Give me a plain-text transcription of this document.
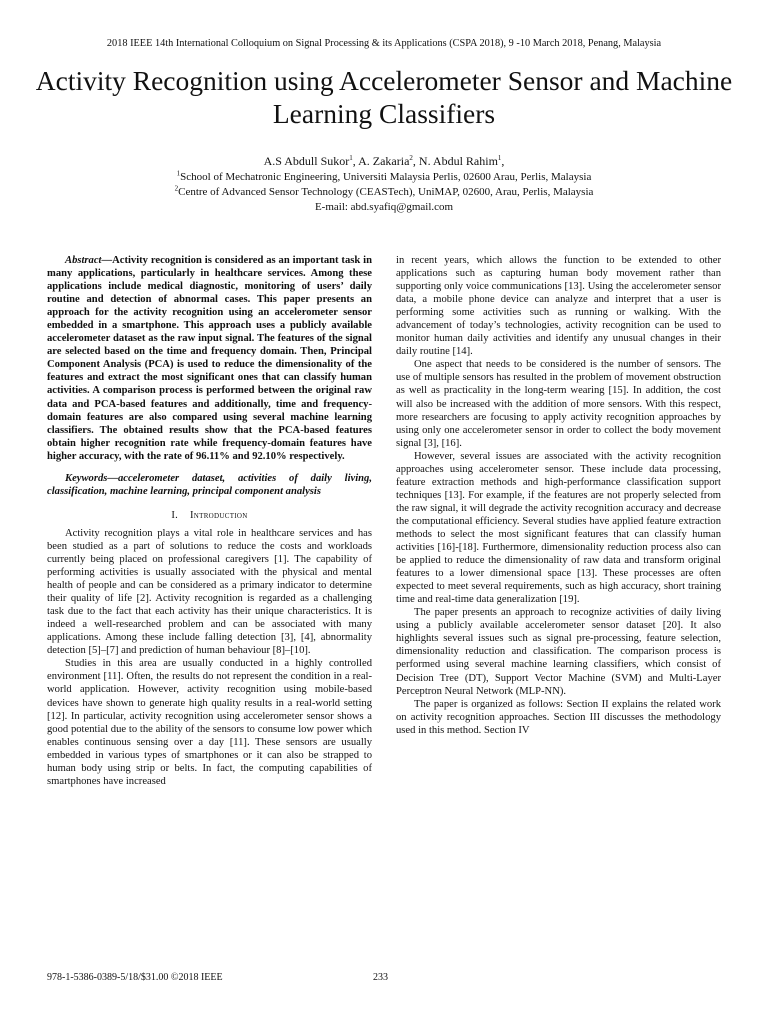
2018 IEEE 14th International Colloquium on Signal Processing & its Applications (CSPA 2018), 9 -10 March 2018, Penang, Malaysia
Activity Recognition using Accelerometer Sensor and Machine Learning Classifiers
A.S Abdull Sukor$^1$, A. Zakaria$^2$, N. Abdul Rahim$^1$,
$^1$School of Mechatronic Engineering, Universiti Malaysia Perlis, 02600 Arau, Perlis, Malaysia
$^2$Centre of Advanced Sensor Technology (CEASTech), UniMAP, 02600, Arau, Perlis, Malaysia
E-mail: abd.syafiq@gmail.com

Abstract—Activity recognition is considered as an important task in many applications, particularly in healthcare services. Among these applications include medical diagnostic, monitoring of users’ daily routine and detection of abnormal cases. This paper presents an approach for the activity recognition using an accelerometer sensor embedded in a smartphone. This approach uses a publicly available accelerometer dataset as the raw input signal. The features of the signal are selected based on the time and frequency domain. Then, Principal Component Analysis (PCA) is used to reduce the dimensionality of the features and extract the most significant ones that can classify human activities. A comparison process is performed between the original raw data and PCA-based features and additionally, time and frequency-domain features are also compared using several machine learning classifiers. The obtained results show that the PCA-based features obtain higher recognition rate while frequency-domain features have higher accuracy, with the rate of 96.11% and 92.10% respectively.

Keywords—accelerometer dataset, activities of daily living, classification, machine learning, principal component analysis

I. Introduction

Activity recognition plays a vital role in healthcare services and has been studied as a part of solutions to reduce the costs and workloads currently being placed on professional caregivers [1]. The capability of performing activities is usually associated with the physical and mental health of people and can be considered as a primary indicator to determine their quality of life [2]. Activity recognition is regarded as a challenging task due to the fact that each activity has their unique characteristics. It is indeed a well-researched problem and can be associated with many applications. Among these include falling detection [3], [4], abnormality detection [5]–[7] and prediction of human behaviour [8]–[10].

Studies in this area are usually conducted in a highly controlled environment [11]. Often, the results do not represent the condition in a real-world application. However, activity recognition using mobile-based devices have shown to generate high quality results in a real-world setting [12]. In particular, activity recognition using accelerometer sensor shows a good potential due to the ability of the sensors to consume low power which enables continuous sensing over a day [11]. These sensors are usually embedded in various types of smartphones or it can also be strapped to human body using strip or belts. In fact, the computing capabilities of smartphones have increased

in recent years, which allows the function to be extended to other applications such as capturing human body movement rather than supporting only voice communications [13]. Using the accelerometer sensor data, a mobile phone device can analyze and interpret that a user is performing some activities such as running or walking. With the advancement of today’s technologies, activity recognition can be used to monitor human daily activities and identify any unusual changes in their daily routine [14].

One aspect that needs to be considered is the number of sensors. The use of multiple sensors has resulted in the problem of movement obstruction as well as practicality in the long-term wearing [15]. In addition, the cost will also be increased with the addition of more sensors. With this respect, more researchers are focusing to apply activity recognition approaches by using only one accelerometer sensor in order to collect the body movement signal [3], [16].

However, several issues are associated with the activity recognition approaches using accelerometer sensor. These include data processing, feature extraction methods and high-performance classification support techniques [13]. For example, if the features are not properly selected from the raw signal, it will degrade the activity recognition accuracy and decrease the computational efficiency. Several studies have applied feature extraction methods to select the most significant features that can classify human activities [16]-[18]. Furthermore, dimensionality reduction process also can be applied to reduce the dimensionality of raw data and transform original features to a lower dimensional space [13]. These processes are often expected to meet several requirements, such as high accuracy, short training time and real-time data generalization [19].

The paper presents an approach to recognize activities of daily living using a publicly available accelerometer sensor dataset [20]. It also highlights several issues such as signal pre-processing, feature selection, dimensionality reduction and classification. The comparison process is performed using several machine learning classifiers, which consist of Decision Tree (DT), Support Vector Machine (SVM) and Multi-Layer Perceptron Neural Network (MLP-NN).

The paper is organized as follows: Section II explains the related work on activity recognition approaches. Section III discusses the methodology used in this method. Section IV

978-1-5386-0389-5/18/$31.00 ©2018 IEEE	233
